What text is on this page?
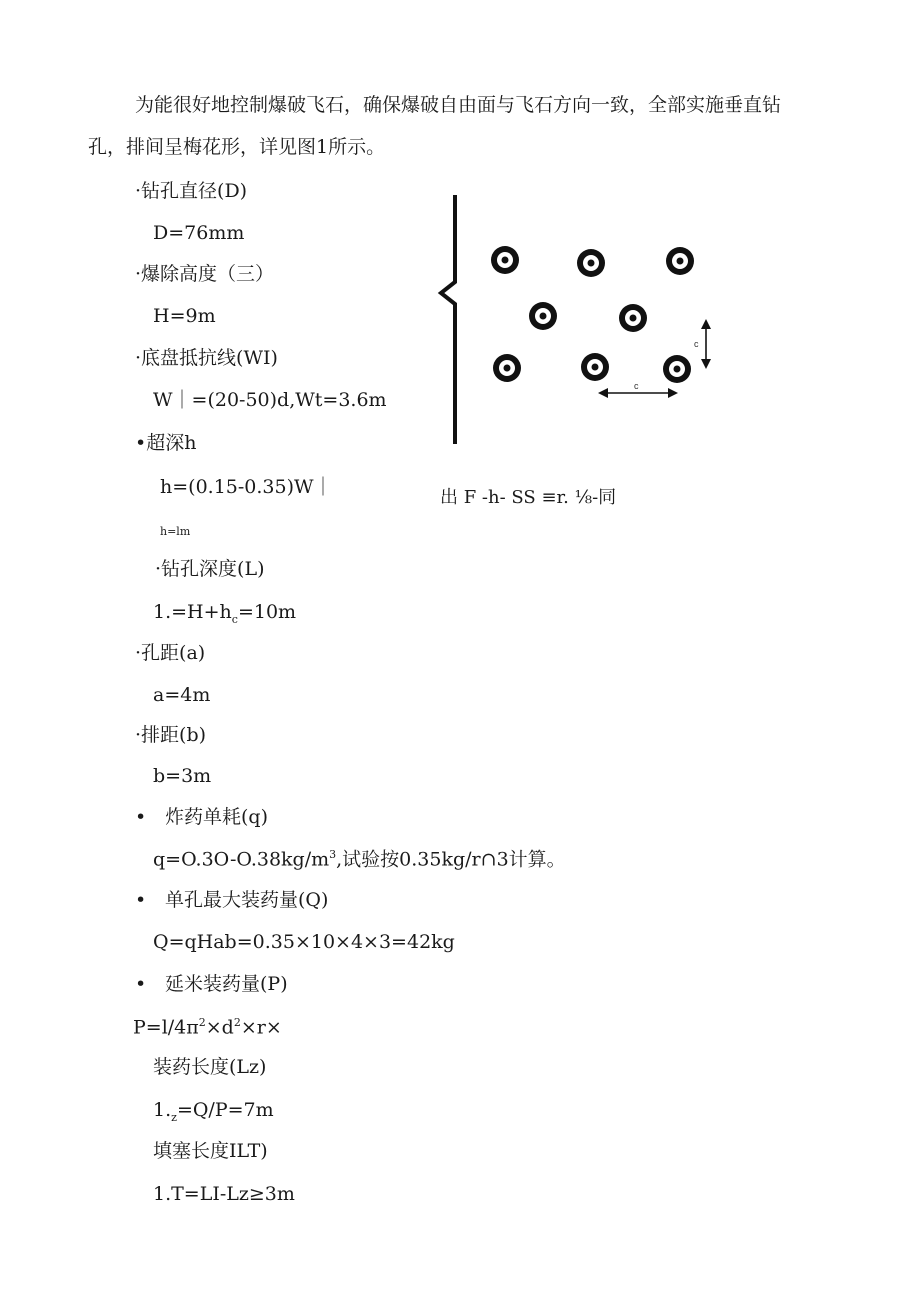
为能很好地控制爆破飞石，确保爆破自由面与飞石方向一致，全部实施垂直钻
孔，排间呈梅花形，详见图1所示。
·钻孔直径(D)
D=76mm
·爆除高度（三）
H=9m
·底盘抵抗线(WI)
W｜=(20-50)d,Wt=3.6m
•超深h
h=(0.15-0.35)W｜
h=lm
·钻孔深度(L)
$1.=H+h_c=10m$
·孔距(a)
a=4m
·排距(b)
b=3m
• 炸药单耗(q)
$q=O.3O-O.38kg∕m^3$,试验按0.35kg∕r∩3计算。
• 单孔最大装药量(Q)
Q=qHab=0.35×10×4×3=42kg
• 延米装药量(P)
$P=l∕4\pi^2\times d^2\times r\times$
装药长度(Lz)
$1._z=Q∕P=7m$
填塞长度ILT)
1.T=LI-Lz≥3m
c
c
出 F -h- SS ≡r. ⅛-同
